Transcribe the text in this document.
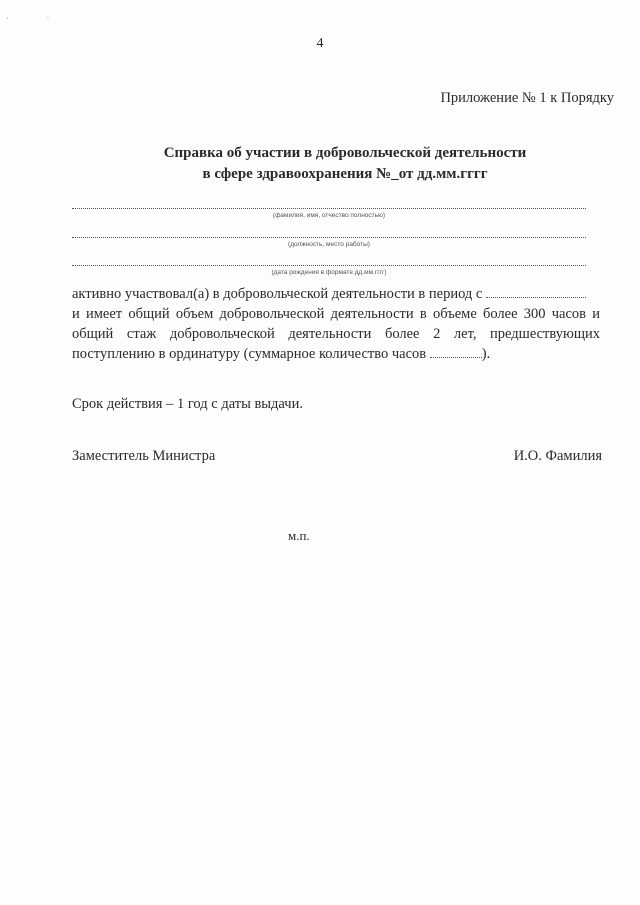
· ·
4
Приложение № 1 к Порядку
Справка об участии в добровольческой деятельности
в сфере здравоохранения №_от дд.мм.гггг
(фамилия, имя, отчество полностью)
(должность, место работы)
(дата рождения в формате дд.мм.гггг)

активно участвовал(а) в добровольческой деятельности в период с

и имеет общий объем добровольческой деятельности в объеме более 300 часов и общий стаж добровольческой деятельности более 2 лет, предшествующих поступлению в ординатуру (суммарное количество часов	).

Срок действия – 1 год с даты выдачи.
Заместитель Министра	И.О. Фамилия
м.п.
